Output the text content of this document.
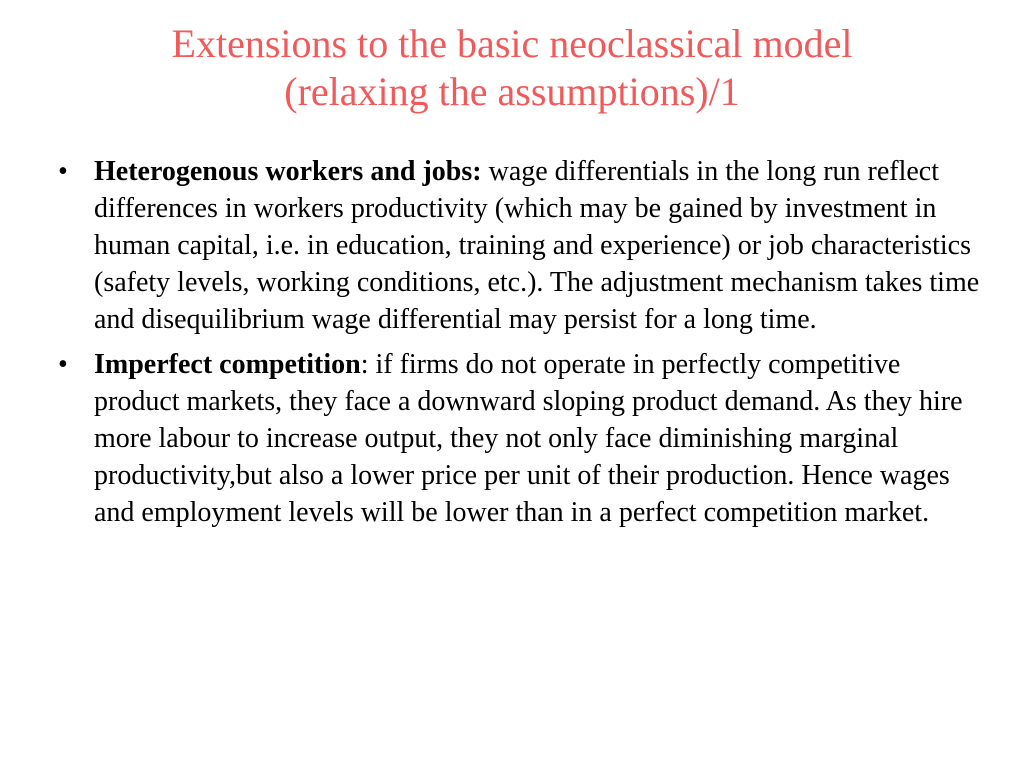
Extensions to the basic neoclassical model
(relaxing the assumptions)/1
• Heterogenous workers and jobs: wage differentials in the long run reflect differences in workers productivity (which may be gained by investment in human capital, i.e. in education, training and experience) or job characteristics (safety levels, working conditions, etc.). The adjustment mechanism takes time and disequilibrium wage differential may persist for a long time.
• Imperfect competition: if firms do not operate in perfectly competitive product markets, they face a downward sloping product demand. As they hire more labour to increase output, they not only face diminishing marginal productivity,but also a lower price per unit of their production. Hence wages and employment levels will be lower than in a perfect competition market.
